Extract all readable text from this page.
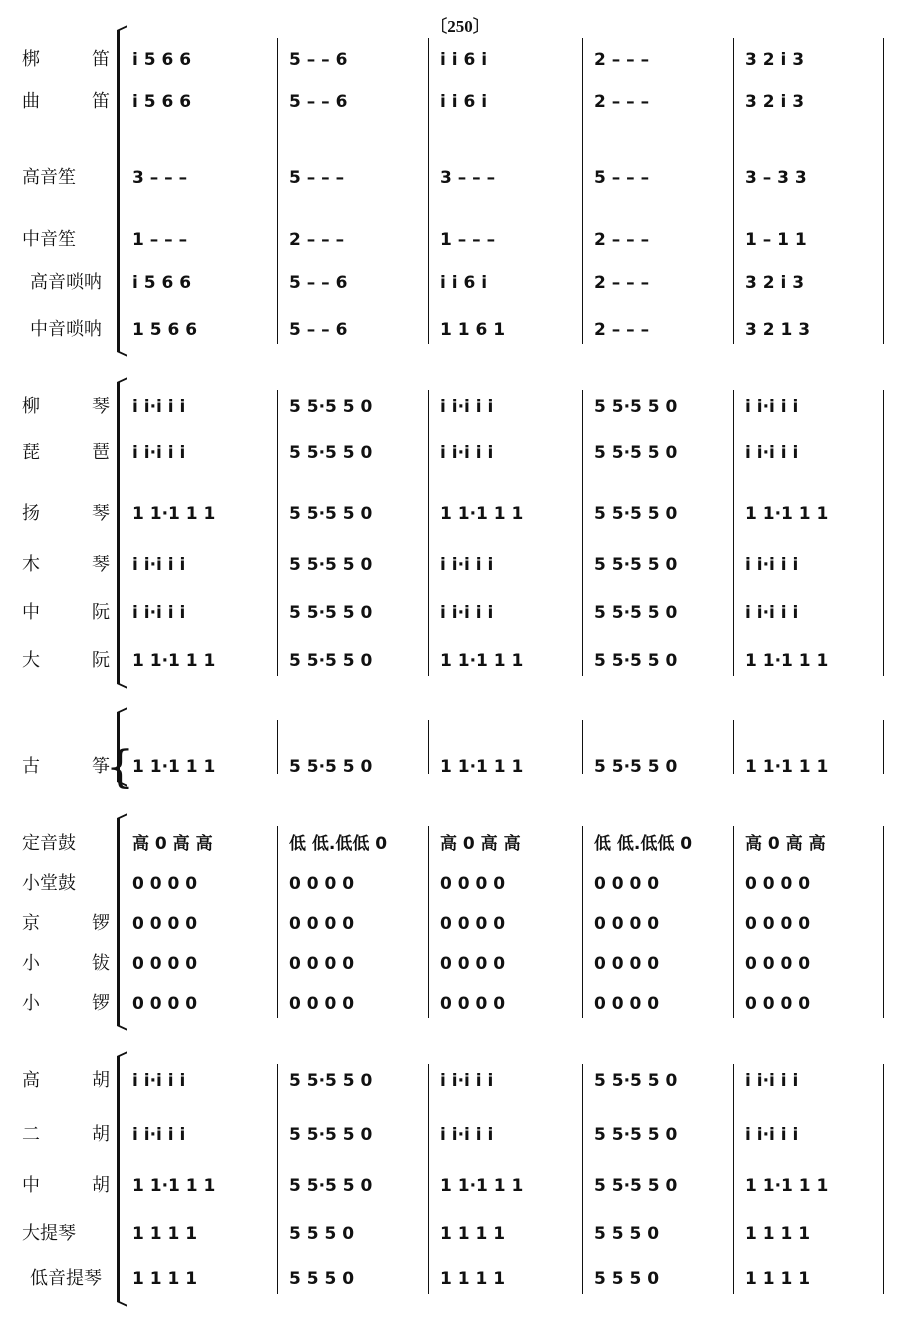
〔250〕
梆	笛 i 5 6 6	5 – – 6	i i 6 i	2 – – –	3 2 i 3
曲	笛 i 5 6 6	5 – – 6	i i 6 i	2 – – –	3 2 i 3
高音笙	3 – – –	5 – – –	3 – – –	5 – – –	3 – 3 3
中音笙	1 – – –	2 – – –	1 – – –	2 – – –	1 – 1 1
高音唢呐	i 5 6 6	5 – – 6	i i 6 i	2 – – –	3 2 i 3
中音唢呐	1 5 6 6	5 – – 6	1 1 6 1	2 – – –	3 2 1 3
柳	琴 i i·i i i	5 5·5 5 0	i i·i i i	5 5·5 5 0	i i·i i i
琵	琶 i i·i i i	5 5·5 5 0	i i·i i i	5 5·5 5 0	i i·i i i
扬	琴 1 1·1 1 1	5 5·5 5 0	1 1·1 1 1	5 5·5 5 0	1 1·1 1 1
木	琴 i i·i i i	5 5·5 5 0	i i·i i i	5 5·5 5 0	i i·i i i
中	阮 i i·i i i	5 5·5 5 0	i i·i i i	5 5·5 5 0	i i·i i i
大	阮 1 1·1 1 1	5 5·5 5 0	1 1·1 1 1	5 5·5 5 0	1 1·1 1 1
古	筝 1 1·1 1 1	5 5·5 5 0	1 1·1 1 1	5 5·5 5 0	1 1·1 1 1
定音鼓	高 0 高 高	低 低.低低 0	高 0 高 高	低 低.低低 0	高 0 高 高
小堂鼓	0 0 0 0	0 0 0 0	0 0 0 0	0 0 0 0	0 0 0 0
京	锣 0 0 0 0	0 0 0 0	0 0 0 0	0 0 0 0	0 0 0 0
小	钹 0 0 0 0	0 0 0 0	0 0 0 0	0 0 0 0	0 0 0 0
小	锣 0 0 0 0	0 0 0 0	0 0 0 0	0 0 0 0	0 0 0 0
高	胡 i i·i i i	5 5·5 5 0	i i·i i i	5 5·5 5 0	i i·i i i
二	胡 i i·i i i	5 5·5 5 0	i i·i i i	5 5·5 5 0	i i·i i i
中	胡 1 1·1 1 1	5 5·5 5 0	1 1·1 1 1	5 5·5 5 0	1 1·1 1 1
大提琴	1 1 1 1	5 5 5 0	1 1 1 1	5 5 5 0	1 1 1 1
低音提琴	1 1 1 1	5 5 5 0	1 1 1 1	5 5 5 0	1 1 1 1
{
